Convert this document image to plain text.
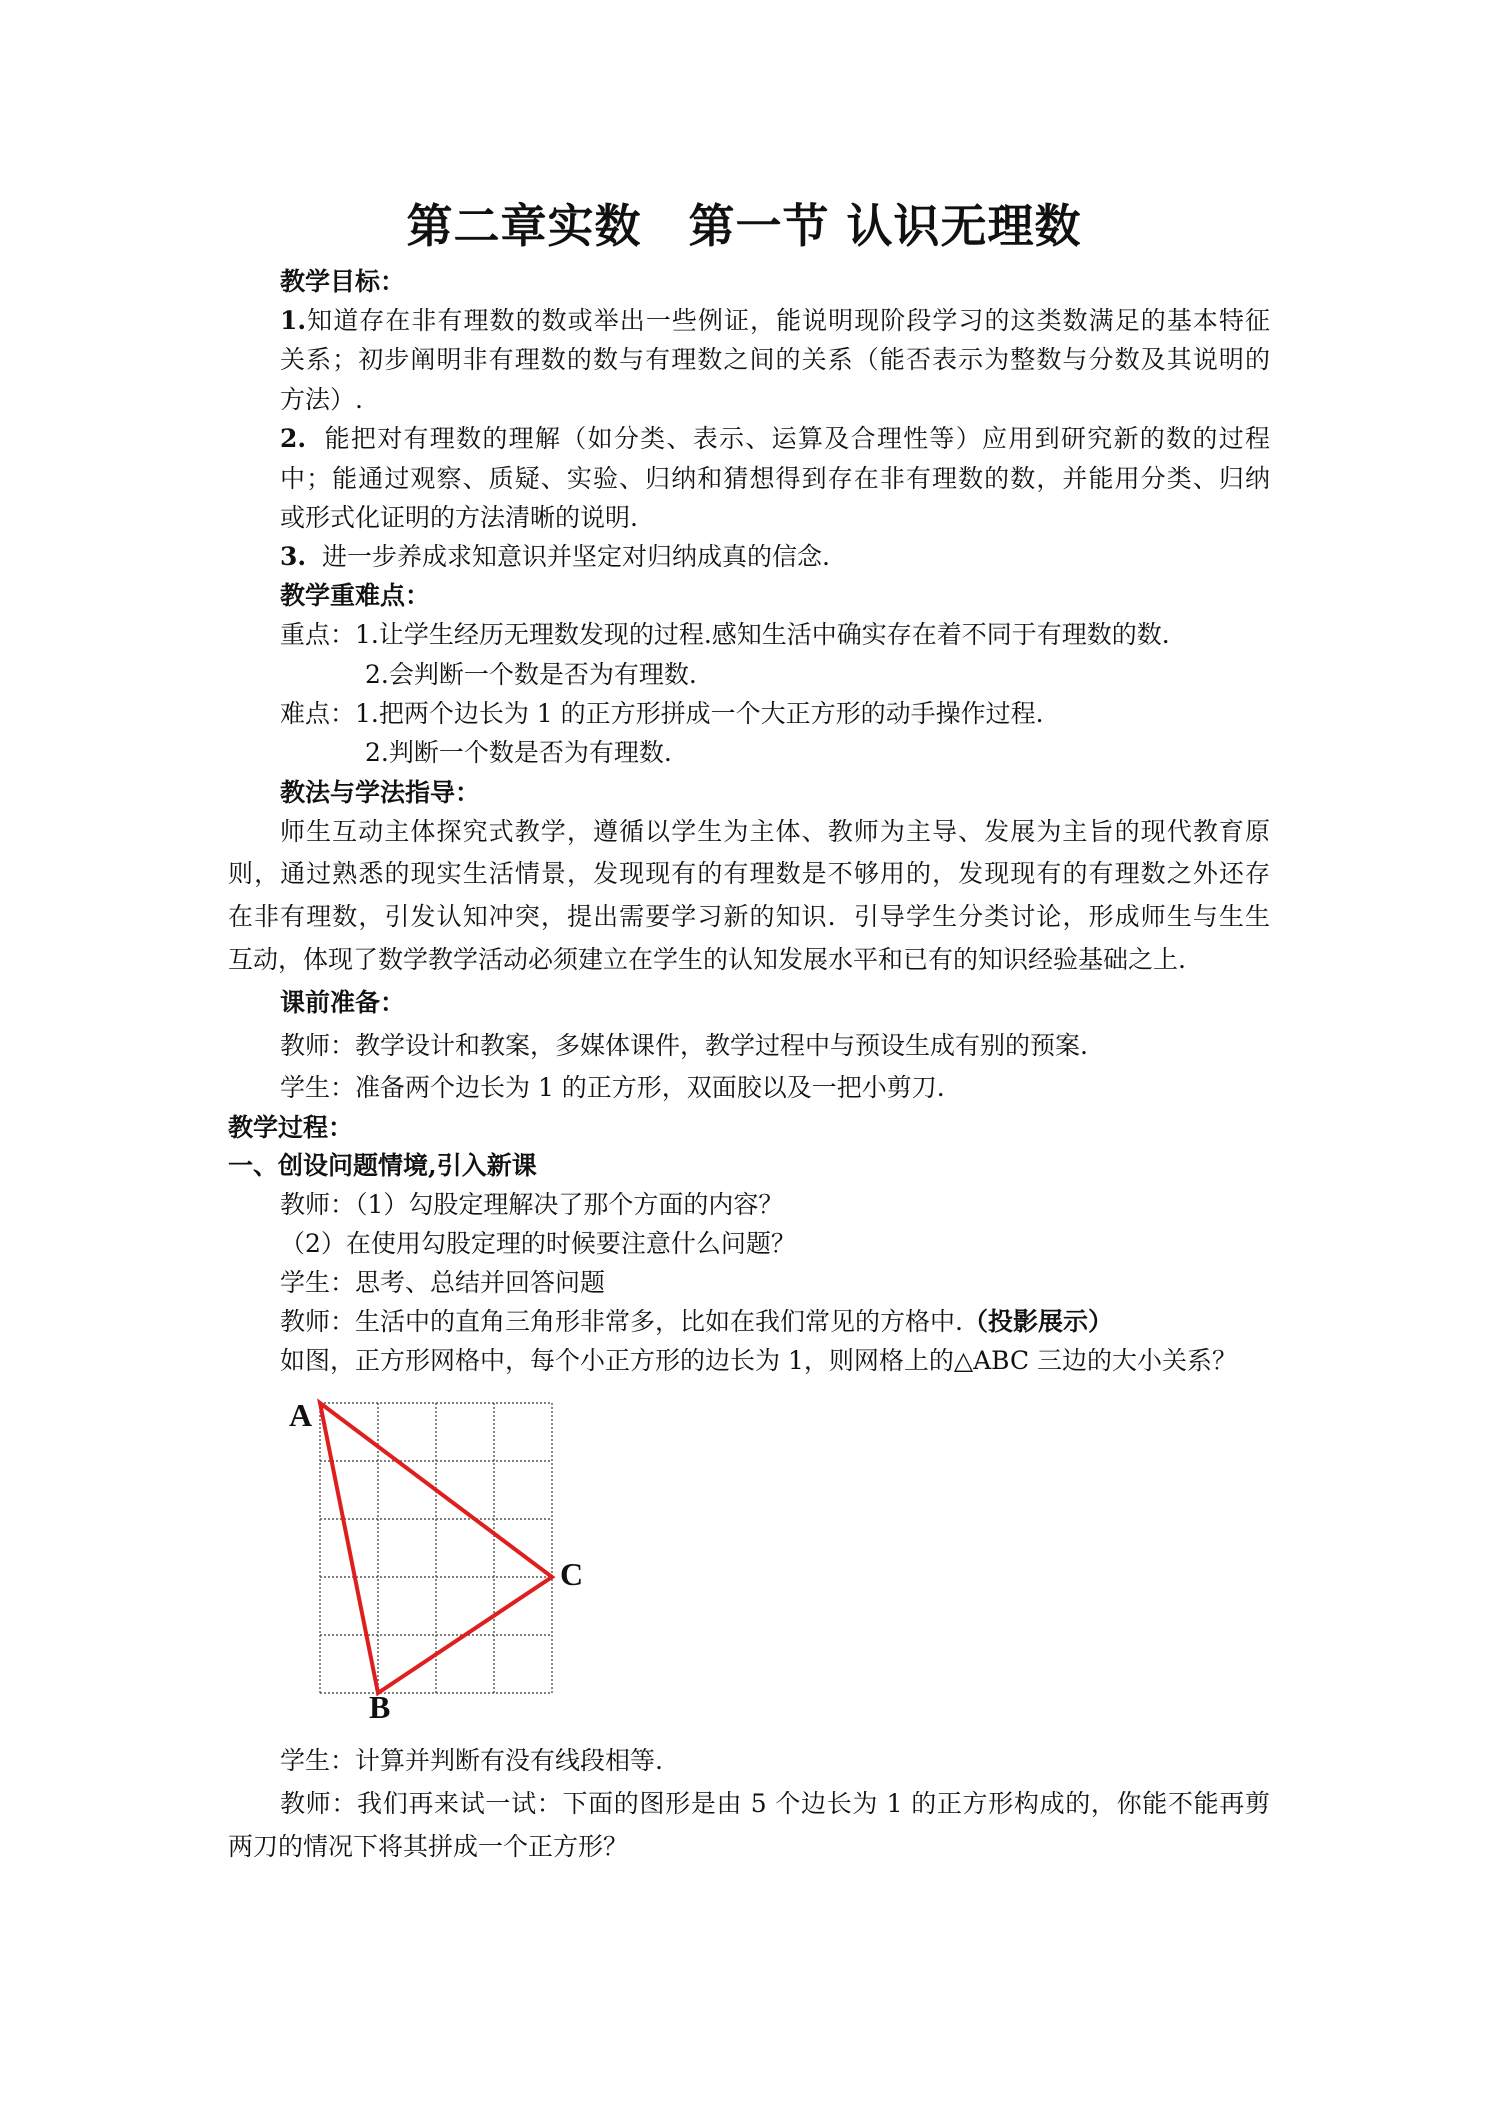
第二章实数　第一节 认识无理数
教学目标：
1.知道存在非有理数的数或举出一些例证，能说明现阶段学习的这类数满足的基本特征
关系；初步阐明非有理数的数与有理数之间的关系（能否表示为整数与分数及其说明的
方法）.
2. 能把对有理数的理解（如分类、表示、运算及合理性等）应用到研究新的数的过程
中；能通过观察、质疑、实验、归纳和猜想得到存在非有理数的数，并能用分类、归纳
或形式化证明的方法清晰的说明.
3. 进一步养成求知意识并坚定对归纳成真的信念.
教学重难点：
重点：1.让学生经历无理数发现的过程.感知生活中确实存在着不同于有理数的数.
2.会判断一个数是否为有理数.
难点：1.把两个边长为 1 的正方形拼成一个大正方形的动手操作过程.
2.判断一个数是否为有理数.
教法与学法指导：
师生互动主体探究式教学，遵循以学生为主体、教师为主导、发展为主旨的现代教育原
则，通过熟悉的现实生活情景，发现现有的有理数是不够用的，发现现有的有理数之外还存
在非有理数，引发认知冲突，提出需要学习新的知识．引导学生分类讨论，形成师生与生生
互动，体现了数学教学活动必须建立在学生的认知发展水平和已有的知识经验基础之上.
课前准备：
教师：教学设计和教案，多媒体课件，教学过程中与预设生成有别的预案.
学生：准备两个边长为 1 的正方形，双面胶以及一把小剪刀.
教学过程：
一、创设问题情境,引入新课
教师：（1）勾股定理解决了那个方面的内容？
（2）在使用勾股定理的时候要注意什么问题？
学生：思考、总结并回答问题
教师：生活中的直角三角形非常多，比如在我们常见的方格中.（投影展示）
如图，正方形网格中，每个小正方形的边长为 1，则网格上的△ABC 三边的大小关系？
A
B
C
学生：计算并判断有没有线段相等.
教师：我们再来试一试：下面的图形是由 5 个边长为 1 的正方形构成的，你能不能再剪
两刀的情况下将其拼成一个正方形？
